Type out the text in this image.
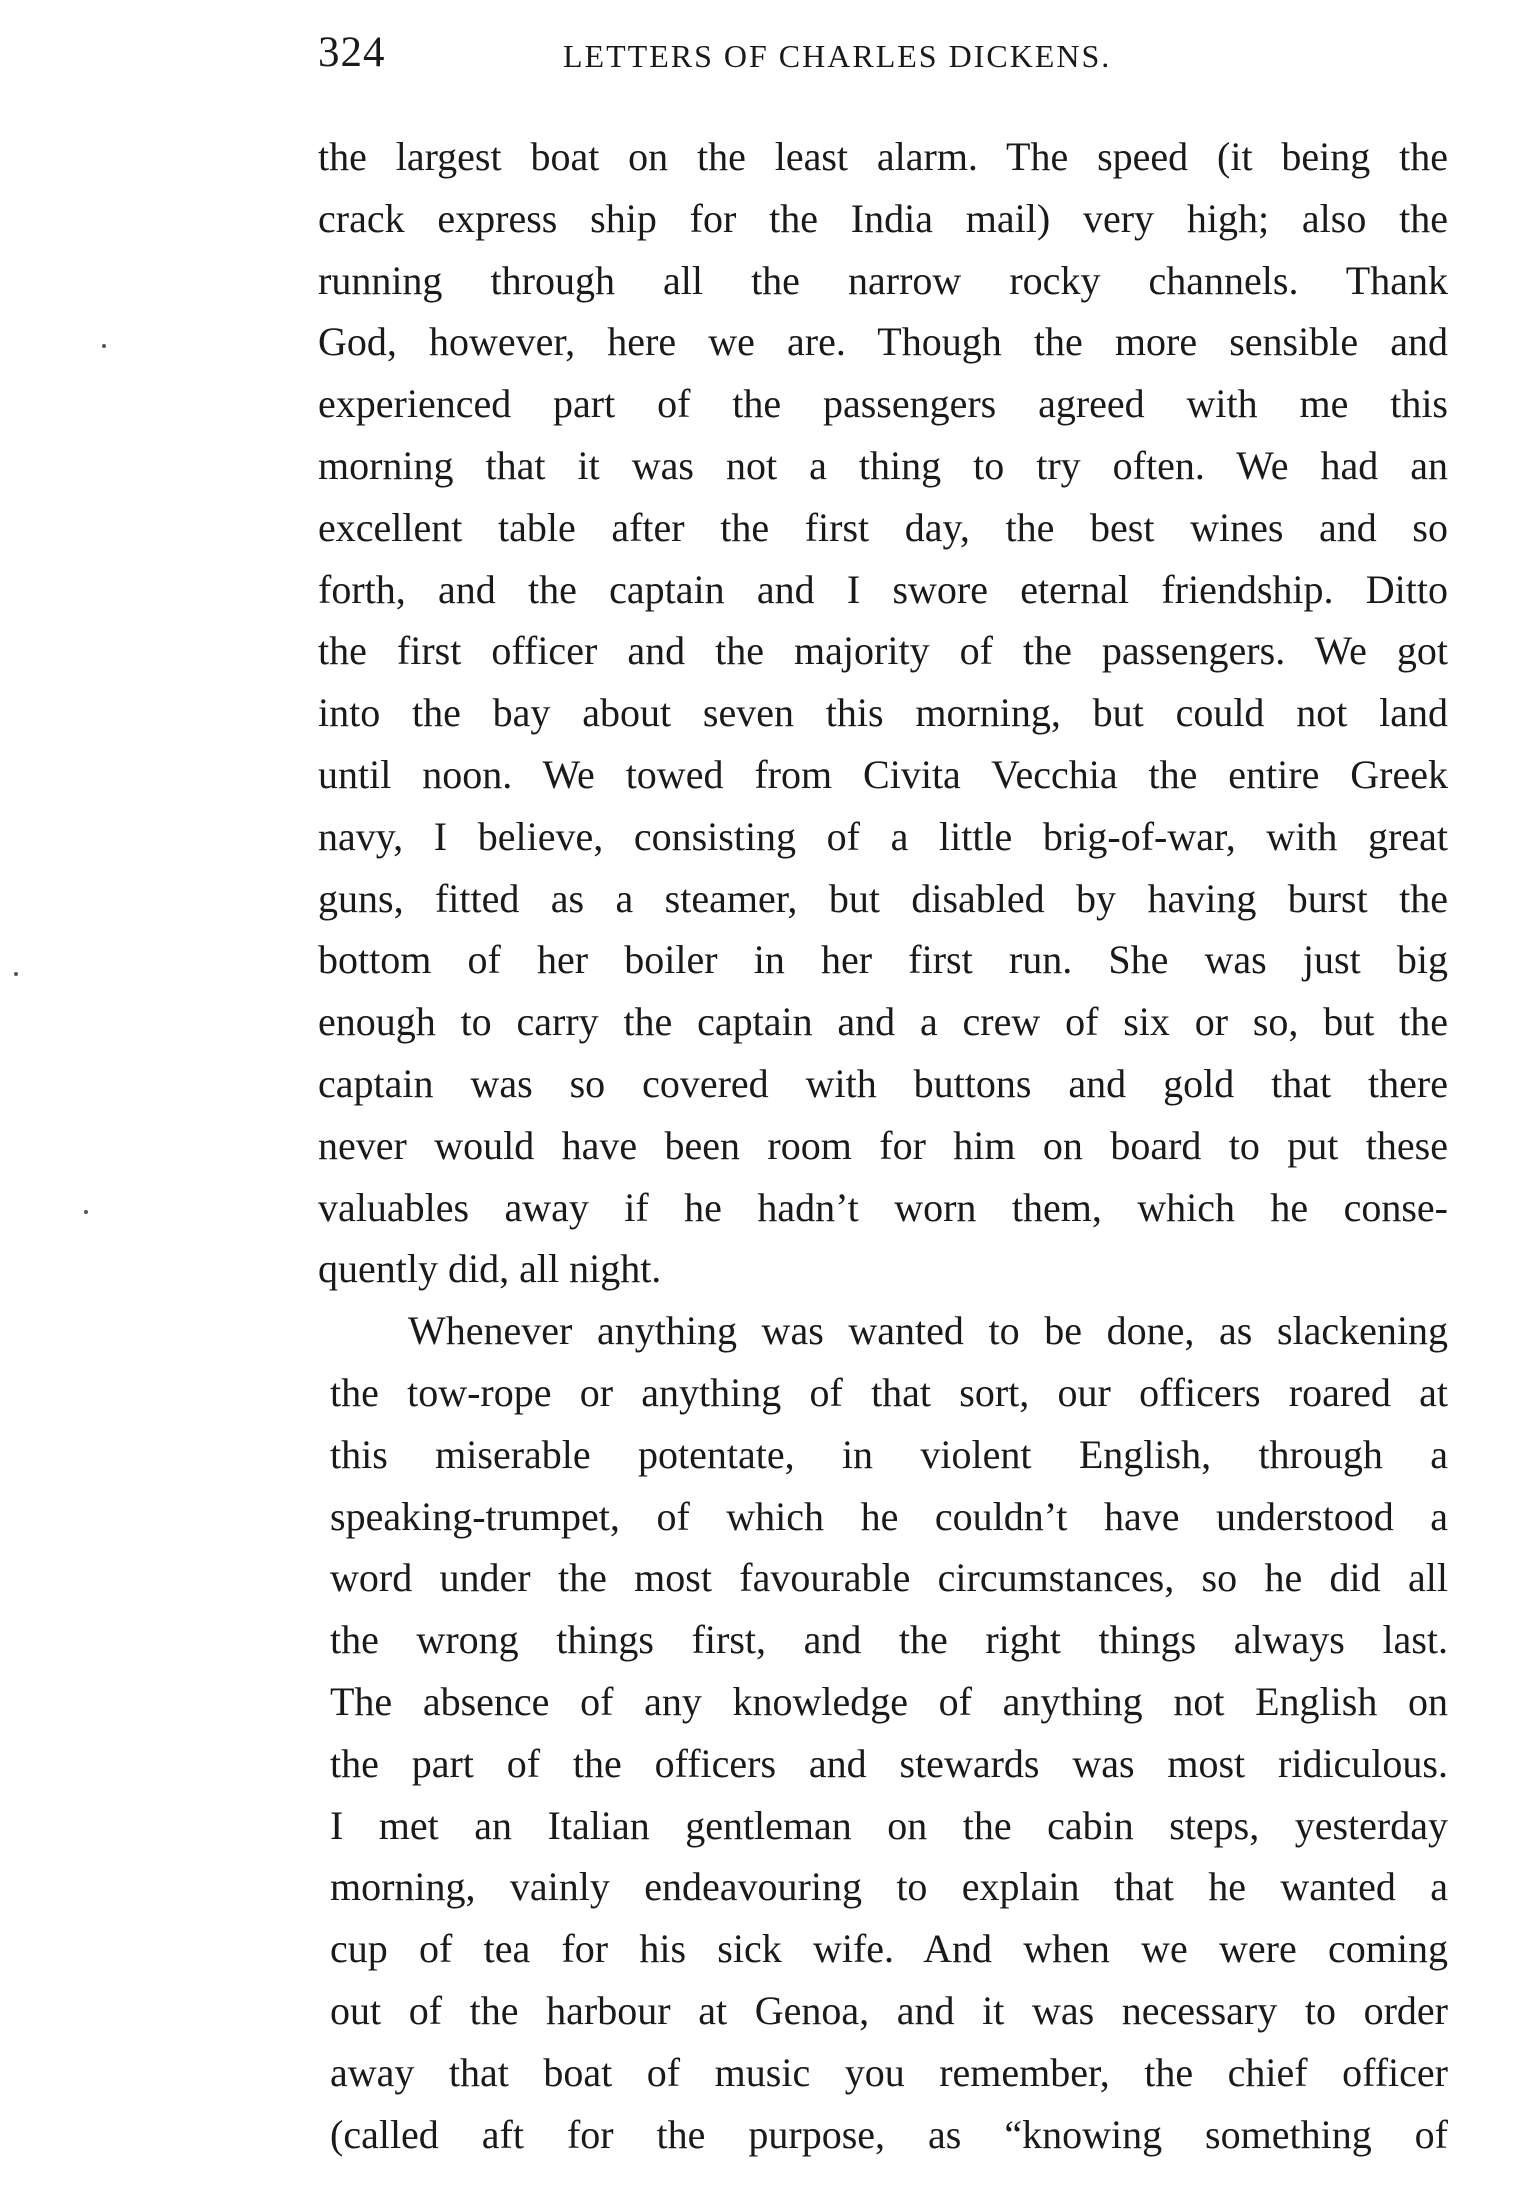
324	LETTERS OF CHARLES DICKENS.
the largest boat on the least alarm. The speed (it being the
crack express ship for the India mail) very high; also the
running through all the narrow rocky channels. Thank
God, however, here we are. Though the more sensible and
experienced part of the passengers agreed with me this
morning that it was not a thing to try often. We had an
excellent table after the first day, the best wines and so
forth, and the captain and I swore eternal friendship. Ditto
the first officer and the majority of the passengers. We got
into the bay about seven this morning, but could not land
until noon. We towed from Civita Vecchia the entire Greek
navy, I believe, consisting of a little brig-of-war, with great
guns, fitted as a steamer, but disabled by having burst the
bottom of her boiler in her first run. She was just big
enough to carry the captain and a crew of six or so, but the
captain was so covered with buttons and gold that there
never would have been room for him on board to put these
valuables away if he hadn’t worn them, which he conse-
quently did, all night.
Whenever anything was wanted to be done, as slackening
the tow-rope or anything of that sort, our officers roared at
this miserable potentate, in violent English, through a
speaking-trumpet, of which he couldn’t have understood a
word under the most favourable circumstances, so he did all
the wrong things first, and the right things always last.
The absence of any knowledge of anything not English on
the part of the officers and stewards was most ridiculous.
I met an Italian gentleman on the cabin steps, yesterday
morning, vainly endeavouring to explain that he wanted a
cup of tea for his sick wife. And when we were coming
out of the harbour at Genoa, and it was necessary to order
away that boat of music you remember, the chief officer
(called aft for the purpose, as “knowing something of
